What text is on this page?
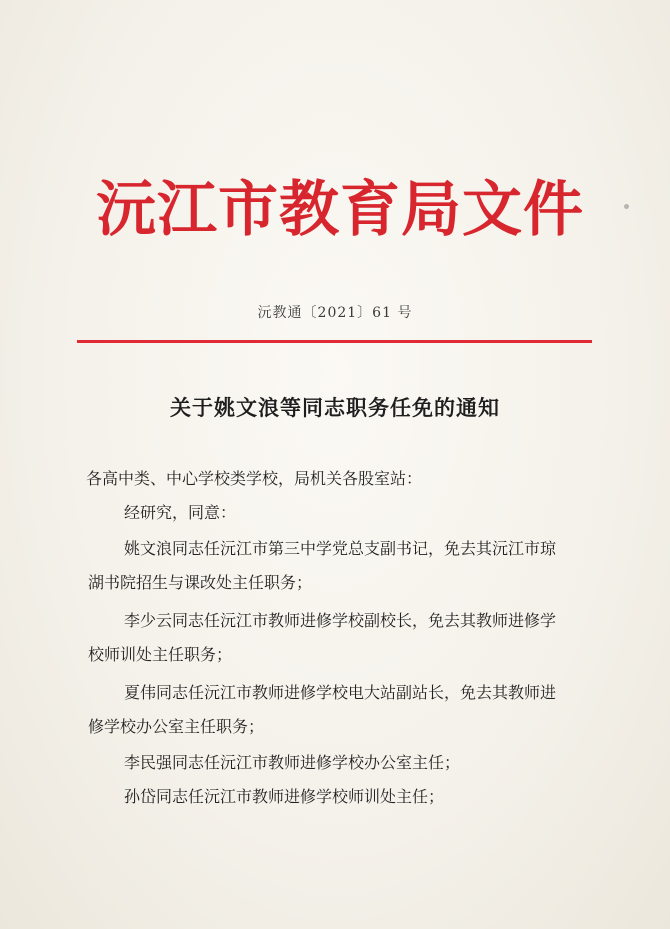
沅江市教育局文件
沅教通〔2021〕61 号
关于姚文浪等同志职务任免的通知

各高中类、中心学校类学校，局机关各股室站：

经研究，同意：

姚文浪同志任沅江市第三中学党总支副书记，免去其沅江市琼

湖书院招生与课改处主任职务；

李少云同志任沅江市教师进修学校副校长，免去其教师进修学

校师训处主任职务；

夏伟同志任沅江市教师进修学校电大站副站长，免去其教师进

修学校办公室主任职务；

李民强同志任沅江市教师进修学校办公室主任；

孙岱同志任沅江市教师进修学校师训处主任；
